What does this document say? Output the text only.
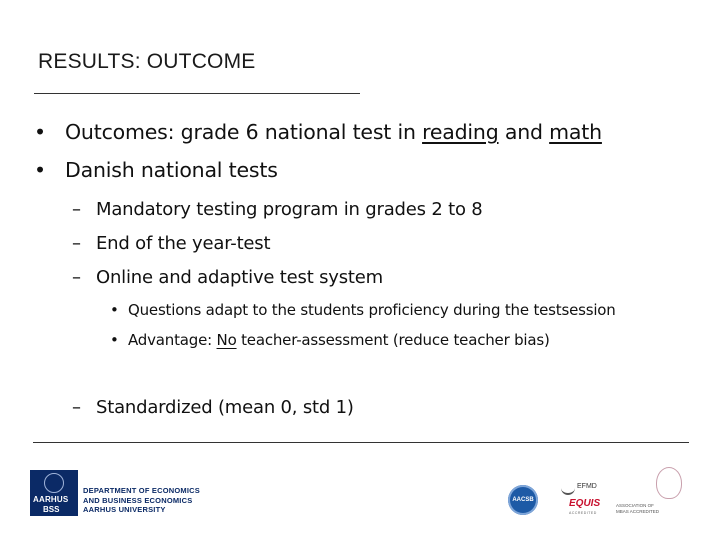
RESULTS: OUTCOME
• Outcomes: grade 6 national test in reading and math
• Danish national tests
– Mandatory testing program in grades 2 to 8
– End of the year-test
– Online and adaptive test system
• Questions adapt to the students proficiency during the testsession
• Advantage: No teacher-assessment (reduce teacher bias)
– Standardized (mean 0, std 1)
AARHUS
BSS
DEPARTMENT OF ECONOMICS
AND BUSINESS ECONOMICS
AARHUS UNIVERSITY
AACSB
EFMD
EQUIS
ACCREDITED
ASSOCIATION OF
MBAS ACCREDITED
